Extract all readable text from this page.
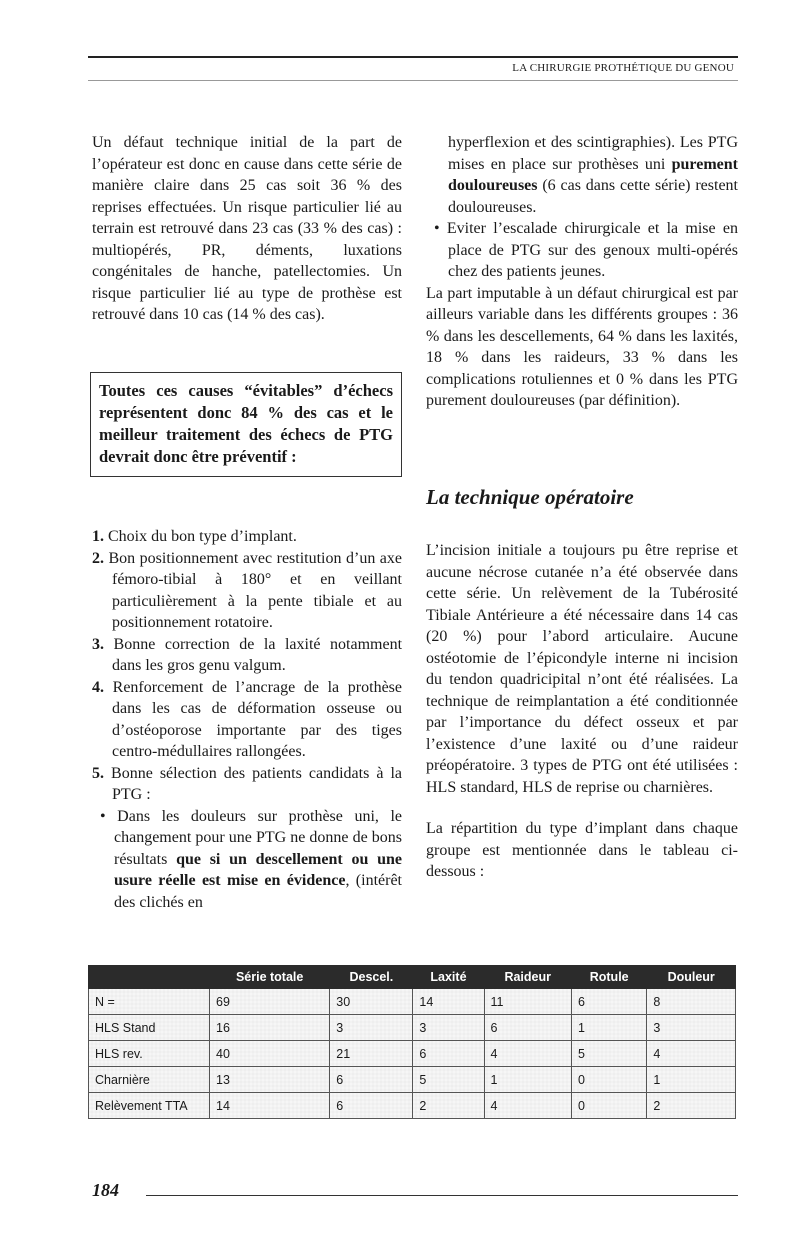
LA CHIRURGIE PROTHÉTIQUE DU GENOU

Un défaut technique initial de la part de l’opérateur est donc en cause dans cette série de manière claire dans 25 cas soit 36 % des reprises effectuées. Un risque particulier lié au terrain est retrouvé dans 23 cas (33 % des cas) : multiopérés, PR, déments, luxations congénitales de hanche, patellectomies. Un risque particulier lié au type de prothèse est retrouvé dans 10 cas (14 % des cas).

Toutes ces causes “évitables” d’échecs représentent donc 84 % des cas et le meilleur traitement des échecs de PTG devrait donc être préventif :
1. Choix du bon type d’implant.
2. Bon positionnement avec restitution d’un axe fémoro-tibial à 180° et en veillant particulièrement à la pente tibiale et au positionnement rotatoire.
3. Bonne correction de la laxité notamment dans les gros genu valgum.
4. Renforcement de l’ancrage de la prothèse dans les cas de déformation osseuse ou d’ostéoporose importante par des tiges centro-médullaires rallongées.
5. Bonne sélection des patients candidats à la PTG :

• Dans les douleurs sur prothèse uni, le changement pour une PTG ne donne de bons résultats que si un descellement ou une usure réelle est mise en évidence, (intérêt des clichés en

hyperflexion et des scintigraphies). Les PTG mises en place sur prothèses uni purement douloureuses (6 cas dans cette série) restent douloureuses.

• Eviter l’escalade chirurgicale et la mise en place de PTG sur des genoux multi-opérés chez des patients jeunes.

La part imputable à un défaut chirurgical est par ailleurs variable dans les différents groupes : 36 % dans les descellements, 64 % dans les laxités, 18 % dans les raideurs, 33 % dans les complications rotuliennes et 0 % dans les PTG purement douloureuses (par définition).

La technique opératoire

L’incision initiale a toujours pu être reprise et aucune nécrose cutanée n’a été observée dans cette série. Un relèvement de la Tubérosité Tibiale Antérieure a été nécessaire dans 14 cas (20 %) pour l’abord articulaire. Aucune ostéotomie de l’épicondyle interne ni incision du tendon quadricipital n’ont été réalisées. La technique de reimplantation a été conditionnée par l’importance du défect osseux et par l’existence d’une laxité ou d’une raideur préopératoire. 3 types de PTG ont été utilisées : HLS standard, HLS de reprise ou charnières.

La répartition du type d’implant dans chaque groupe est mentionnée dans le tableau ci-dessous :

	Série totale	Descel.	Laxité	Raideur	Rotule	Douleur
N =	69	30	14	11	6	8
HLS Stand	16	3	3	6	1	3
HLS rev.	40	21	6	4	5	4
Charnière	13	6	5	1	0	1
Relèvement TTA	14	6	2	4	0	2
184
